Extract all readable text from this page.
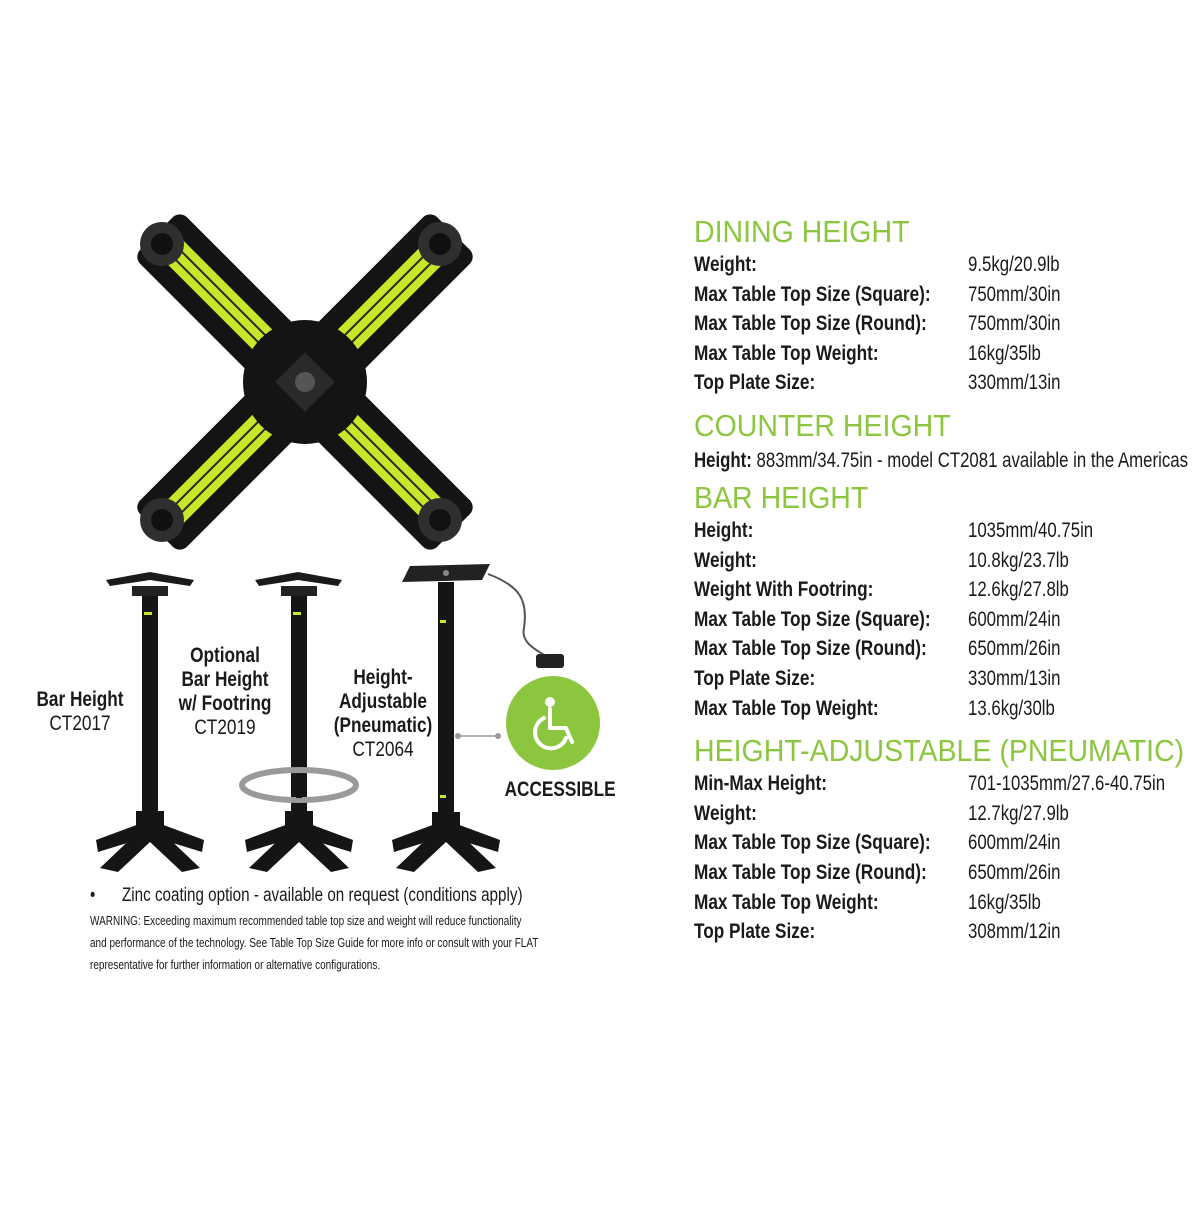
Bar Height
CT2017
Optional
Bar Height
w/ Footring
CT2019
Height-
Adjustable
(Pneumatic)
CT2064
ACCESSIBLE
• Zinc coating option - available on request (conditions apply)
WARNING: Exceeding maximum recommended table top size and weight will reduce functionality
and performance of the technology. See Table Top Size Guide for more info or consult with your FLAT
representative for further information or alternative configurations.
DINING HEIGHT
Weight:	9.5kg/20.9lb
Max Table Top Size (Square): 750mm/30in
Max Table Top Size (Round): 750mm/30in
Max Table Top Weight:	16kg/35lb
Top Plate Size:	330mm/13in
COUNTER HEIGHT
Height: 883mm/34.75in - model CT2081 available in the Americas
BAR HEIGHT
Height:	1035mm/40.75in
Weight:	10.8kg/23.7lb
Weight With Footring:	12.6kg/27.8lb
Max Table Top Size (Square): 600mm/24in
Max Table Top Size (Round): 650mm/26in
Top Plate Size:	330mm/13in
Max Table Top Weight:	13.6kg/30lb
HEIGHT-ADJUSTABLE (PNEUMATIC)
Min-Max Height:	701-1035mm/27.6-40.75in
Weight:	12.7kg/27.9lb
Max Table Top Size (Square): 600mm/24in
Max Table Top Size (Round): 650mm/26in
Max Table Top Weight:	16kg/35lb
Top Plate Size:	308mm/12in
